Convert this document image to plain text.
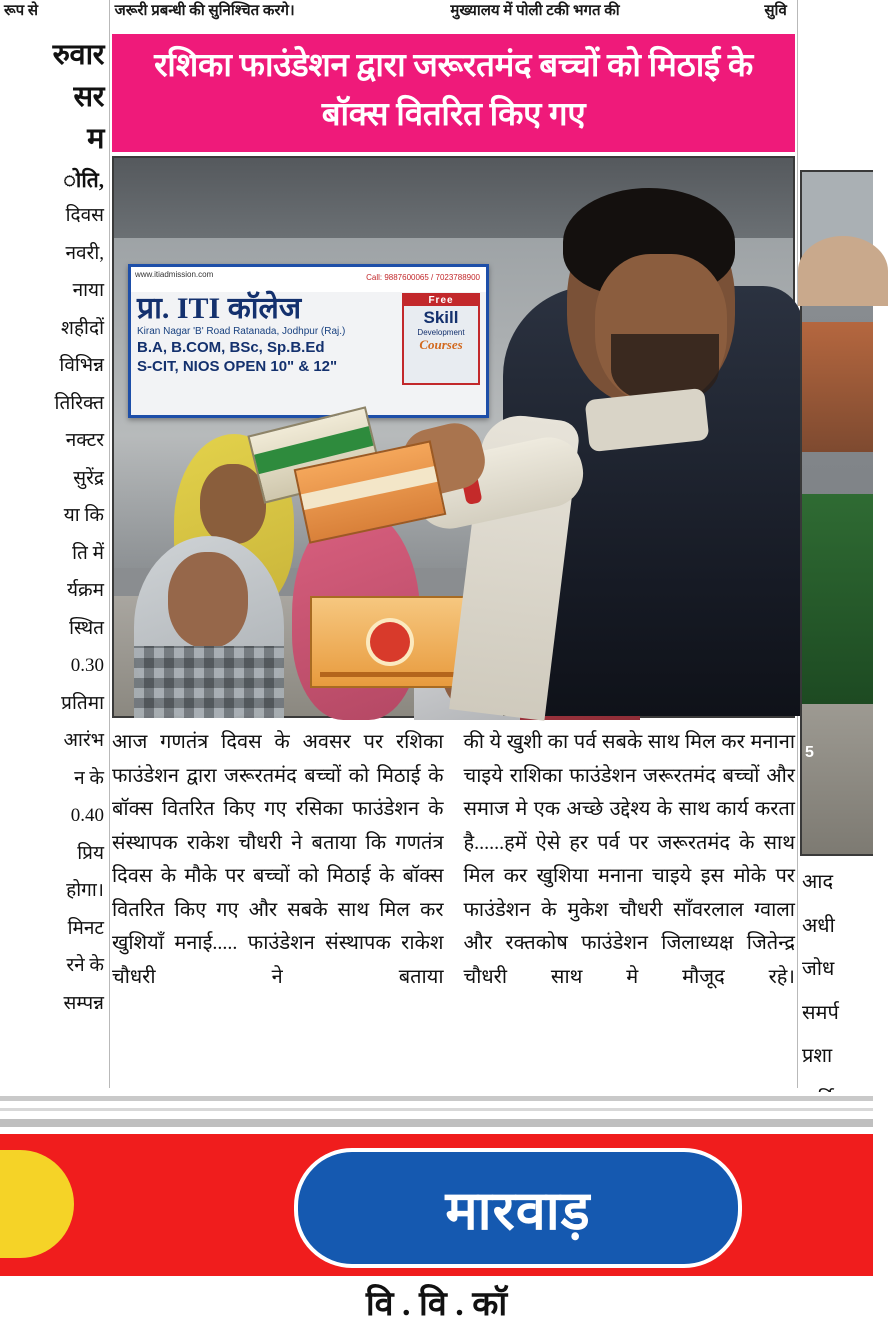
रूप से	जरूरी प्रबन्धी की सुनिश्चित करगे।	मुख्यालय में पोली टकी भगत की	सुवि
रुवार
सर
म
ोति,
दिवस
नवरी,
नाया
शहीदों
विभिन्न
तिरिक्त
नक्टर
सुरेंद्र
या कि
ति में
र्यक्रम
स्थित
0.30
प्रतिमा
आरंभ
न के
0.40
प्रिय
होगा।
मिनट
रने के
सम्पन्न
रशिका फाउंडेशन द्वारा जरूरतमंद बच्चों को मिठाई के बॉक्स वितरित किए गए
www.itiadmission.com	Call: 9887600065 / 7023788900
प्रा. ITI कॉलेज
Kiran Nagar 'B' Road Ratanada, Jodhpur (Raj.)
B.A, B.COM, BSc, Sp.B.Ed
S-CIT, NIOS OPEN 10" & 12"
Free
Skill
Development
Courses

आज गणतंत्र दिवस के अवसर पर रशिका फाउंडेशन द्वारा जरूरतमंद बच्चों को मिठाई के बॉक्स वितरित किए गए रसिका फाउंडेशन के संस्थापक राकेश चौधरी ने बताया कि गणतंत्र दिवस के मौके पर बच्चों को मिठाई के बॉक्स वितरित किए गए और सबके साथ मिल कर खुशियाँ मनाई..... फाउंडेशन संस्थापक राकेश चौधरी ने बताया

की ये खुशी का पर्व सबके साथ मिल कर मनाना चाइये राशिका फाउंडेशन जरूरतमंद बच्चों और समाज मे एक अच्छे उद्देश्य के साथ कार्य करता है......हमें ऐसे हर पर्व पर जरूरतमंद के साथ मिल कर खुशिया मनाना चाइये इस मोके पर फाउंडेशन के मुकेश चौधरी साँवरलाल ग्वाला और रक्तकोष फाउंडेशन जिलाध्यक्ष जितेन्द्र चौधरी साथ मे मौजूद रहे।

5
आद
अधी
जोध
समर्प
प्रशा
मारवाड़
वि . वि . कॉ
